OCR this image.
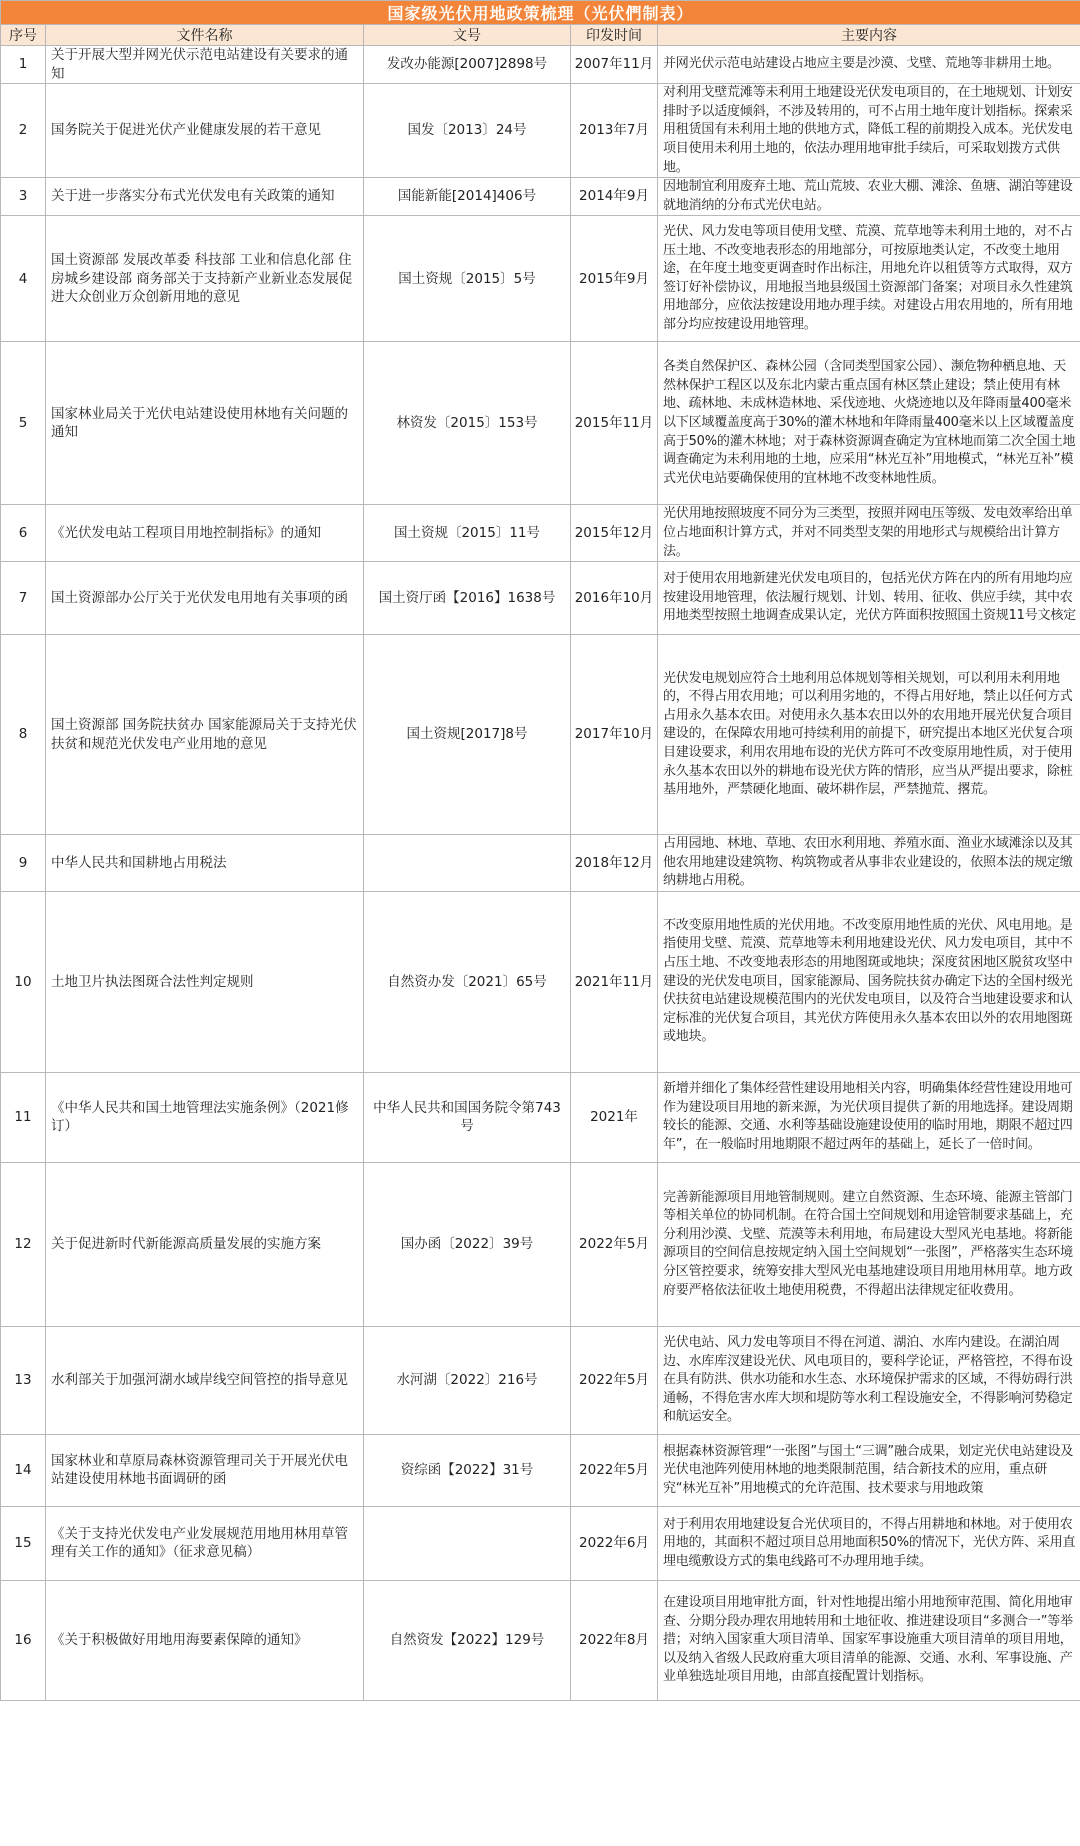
国家级光伏用地政策梳理（光伏們制表）				
序号	文件名称	文号	印发时间	主要内容
1	关于开展大型并网光伏示范电站建设有关要求的通知	发改办能源[2007]2898号	2007年11月	并网光伏示范电站建设占地应主要是沙漠、戈壁、荒地等非耕用土地。
2	国务院关于促进光伏产业健康发展的若干意见	国发〔2013〕24号	2013年7月	对利用戈壁荒滩等未利用土地建设光伏发电项目的，在土地规划、计划安排时予以适度倾斜，不涉及转用的，可不占用土地年度计划指标。探索采用租赁国有未利用土地的供地方式，降低工程的前期投入成本。光伏发电项目使用未利用土地的，依法办理用地审批手续后，可采取划拨方式供地。
3	关于进一步落实分布式光伏发电有关政策的通知	国能新能[2014]406号	2014年9月	因地制宜利用废弃土地、荒山荒坡、农业大棚、滩涂、鱼塘、湖泊等建设就地消纳的分布式光伏电站。
4	国土资源部 发展改革委 科技部 工业和信息化部 住房城乡建设部 商务部关于支持新产业新业态发展促进大众创业万众创新用地的意见	国土资规〔2015〕5号	2015年9月	光伏、风力发电等项目使用戈壁、荒漠、荒草地等未利用土地的，对不占压土地、不改变地表形态的用地部分，可按原地类认定，不改变土地用途，在年度土地变更调查时作出标注，用地允许以租赁等方式取得，双方签订好补偿协议，用地报当地县级国土资源部门备案；对项目永久性建筑用地部分，应依法按建设用地办理手续。对建设占用农用地的，所有用地部分均应按建设用地管理。
5	国家林业局关于光伏电站建设使用林地有关问题的通知	林资发〔2015〕153号	2015年11月	各类自然保护区、森林公园（含同类型国家公园）、濒危物种栖息地、天然林保护工程区以及东北内蒙古重点国有林区禁止建设；禁止使用有林地、疏林地、未成林造林地、采伐迹地、火烧迹地以及年降雨量400毫米以下区域覆盖度高于30%的灌木林地和年降雨量400毫米以上区域覆盖度高于50%的灌木林地；对于森林资源调查确定为宜林地而第二次全国土地调查确定为未利用地的土地，应采用“林光互补”用地模式，“林光互补”模式光伏电站要确保使用的宜林地不改变林地性质。
6	《光伏发电站工程项目用地控制指标》的通知	国土资规〔2015〕11号	2015年12月	光伏用地按照坡度不同分为三类型，按照并网电压等级、发电效率给出单位占地面积计算方式，并对不同类型支架的用地形式与规模给出计算方法。
7	国土资源部办公厅关于光伏发电用地有关事项的函	国土资厅函【2016】1638号	2016年10月	对于使用农用地新建光伏发电项目的，包括光伏方阵在内的所有用地均应按建设用地管理，依法履行规划、计划、转用、征收、供应手续，其中农用地类型按照土地调查成果认定，光伏方阵面积按照国土资规11号文核定
8	国土资源部 国务院扶贫办 国家能源局关于支持光伏扶贫和规范光伏发电产业用地的意见	国土资规[2017]8号	2017年10月	光伏发电规划应符合土地利用总体规划等相关规划，可以利用未利用地的，不得占用农用地；可以利用劣地的，不得占用好地，禁止以任何方式占用永久基本农田。对使用永久基本农田以外的农用地开展光伏复合项目建设的，在保障农用地可持续利用的前提下，研究提出本地区光伏复合项目建设要求，利用农用地布设的光伏方阵可不改变原用地性质，对于使用永久基本农田以外的耕地布设光伏方阵的情形，应当从严提出要求，除桩基用地外，严禁硬化地面、破坏耕作层，严禁抛荒、撂荒。
9	中华人民共和国耕地占用税法		2018年12月	占用园地、林地、草地、农田水利用地、养殖水面、渔业水域滩涂以及其他农用地建设建筑物、构筑物或者从事非农业建设的，依照本法的规定缴纳耕地占用税。
10	土地卫片执法图斑合法性判定规则	自然资办发〔2021〕65号	2021年11月	不改变原用地性质的光伏用地。不改变原用地性质的光伏、风电用地。是指使用戈壁、荒漠、荒草地等未利用地建设光伏、风力发电项目，其中不占压土地、不改变地表形态的用地图斑或地块；深度贫困地区脱贫攻坚中建设的光伏发电项目，国家能源局、国务院扶贫办确定下达的全国村级光伏扶贫电站建设规模范围内的光伏发电项目，以及符合当地建设要求和认定标准的光伏复合项目，其光伏方阵使用永久基本农田以外的农用地图斑或地块。
11	《中华人民共和国土地管理法实施条例》（2021修订）	中华人民共和国国务院令第743号	2021年	新增并细化了集体经营性建设用地相关内容，明确集体经营性建设用地可作为建设项目用地的新来源，为光伏项目提供了新的用地选择。建设周期较长的能源、交通、水利等基础设施建设使用的临时用地，期限不超过四年”，在一般临时用地期限不超过两年的基础上，延长了一倍时间。
12	关于促进新时代新能源高质量发展的实施方案	国办函〔2022〕39号	2022年5月	完善新能源项目用地管制规则。建立自然资源、生态环境、能源主管部门等相关单位的协同机制。在符合国土空间规划和用途管制要求基础上，充分利用沙漠、戈壁、荒漠等未利用地，布局建设大型风光电基地。将新能源项目的空间信息按规定纳入国土空间规划“一张图”，严格落实生态环境分区管控要求，统筹安排大型风光电基地建设项目用地用林用草。地方政府要严格依法征收土地使用税费，不得超出法律规定征收费用。
13	水利部关于加强河湖水域岸线空间管控的指导意见	水河湖〔2022〕216号	2022年5月	光伏电站、风力发电等项目不得在河道、湖泊、水库内建设。在湖泊周边、水库库汊建设光伏、风电项目的，要科学论证，严格管控，不得布设在具有防洪、供水功能和水生态、水环境保护需求的区域，不得妨碍行洪通畅，不得危害水库大坝和堤防等水利工程设施安全，不得影响河势稳定和航运安全。
14	国家林业和草原局森林资源管理司关于开展光伏电站建设使用林地书面调研的函	资综函【2022】31号	2022年5月	根据森林资源管理“一张图”与国土“三调”融合成果，划定光伏电站建设及光伏电池阵列使用林地的地类限制范围，结合新技术的应用，重点研究“林光互补”用地模式的允许范围、技术要求与用地政策
15	《关于支持光伏发电产业发展规范用地用林用草管理有关工作的通知》（征求意见稿）		2022年6月	对于利用农用地建设复合光伏项目的，不得占用耕地和林地。对于使用农用地的，其面积不超过项目总用地面积50%的情况下，光伏方阵、采用直埋电缆敷设方式的集电线路可不办理用地手续。
16	《关于积极做好用地用海要素保障的通知》	自然资发【2022】129号	2022年8月	在建设项目用地审批方面，针对性地提出缩小用地预审范围、简化用地审查、分期分段办理农用地转用和土地征收、推进建设项目“多测合一”等举措；对纳入国家重大项目清单、国家军事设施重大项目清单的项目用地，以及纳入省级人民政府重大项目清单的能源、交通、水利、军事设施、产业单独选址项目用地，由部直接配置计划指标。
